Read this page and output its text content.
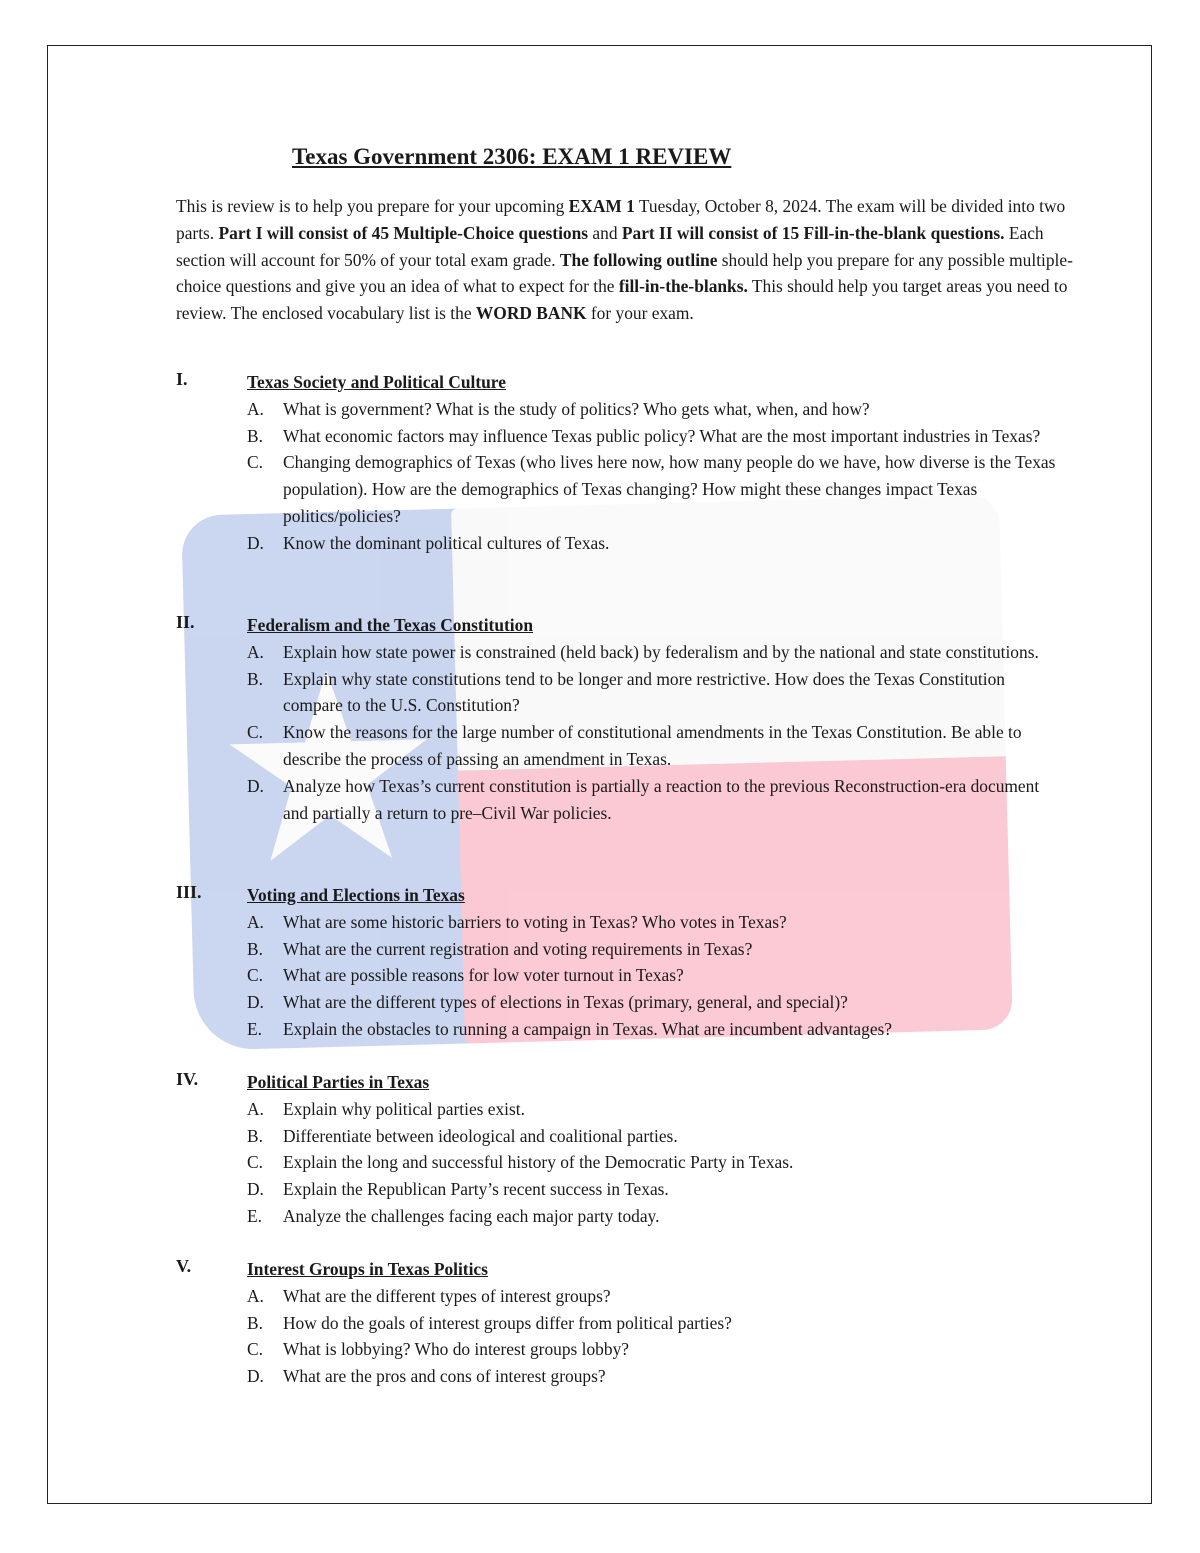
Texas Government 2306: EXAM 1 REVIEW
This is review is to help you prepare for your upcoming EXAM 1 Tuesday, October 8, 2024. The exam will be divided into two parts. Part I will consist of 45 Multiple-Choice questions and Part II will consist of 15 Fill-in-the-blank questions. Each section will account for 50% of your total exam grade. The following outline should help you prepare for any possible multiple-choice questions and give you an idea of what to expect for the fill-in-the-blanks. This should help you target areas you need to review. The enclosed vocabulary list is the WORD BANK for your exam.
I.	Texas Society and Political Culture
A. What is government? What is the study of politics? Who gets what, when, and how?
B. What economic factors may influence Texas public policy? What are the most important industries in Texas?
C. Changing demographics of Texas (who lives here now, how many people do we have, how diverse is the Texas population). How are the demographics of Texas changing? How might these changes impact Texas politics/policies?
D. Know the dominant political cultures of Texas.
II.	Federalism and the Texas Constitution
A. Explain how state power is constrained (held back) by federalism and by the national and state constitutions.
B. Explain why state constitutions tend to be longer and more restrictive. How does the Texas Constitution compare to the U.S. Constitution?
C. Know the reasons for the large number of constitutional amendments in the Texas Constitution. Be able to describe the process of passing an amendment in Texas.
D. Analyze how Texas’s current constitution is partially a reaction to the previous Reconstruction-era document and partially a return to pre–Civil War policies.
III.	Voting and Elections in Texas
A. What are some historic barriers to voting in Texas? Who votes in Texas?
B. What are the current registration and voting requirements in Texas?
C. What are possible reasons for low voter turnout in Texas?
D. What are the different types of elections in Texas (primary, general, and special)?
E. Explain the obstacles to running a campaign in Texas. What are incumbent advantages?
IV.	Political Parties in Texas
A. Explain why political parties exist.
B. Differentiate between ideological and coalitional parties.
C. Explain the long and successful history of the Democratic Party in Texas.
D. Explain the Republican Party’s recent success in Texas.
E. Analyze the challenges facing each major party today.
V.	Interest Groups in Texas Politics
A. What are the different types of interest groups?
B. How do the goals of interest groups differ from political parties?
C. What is lobbying? Who do interest groups lobby?
D. What are the pros and cons of interest groups?
